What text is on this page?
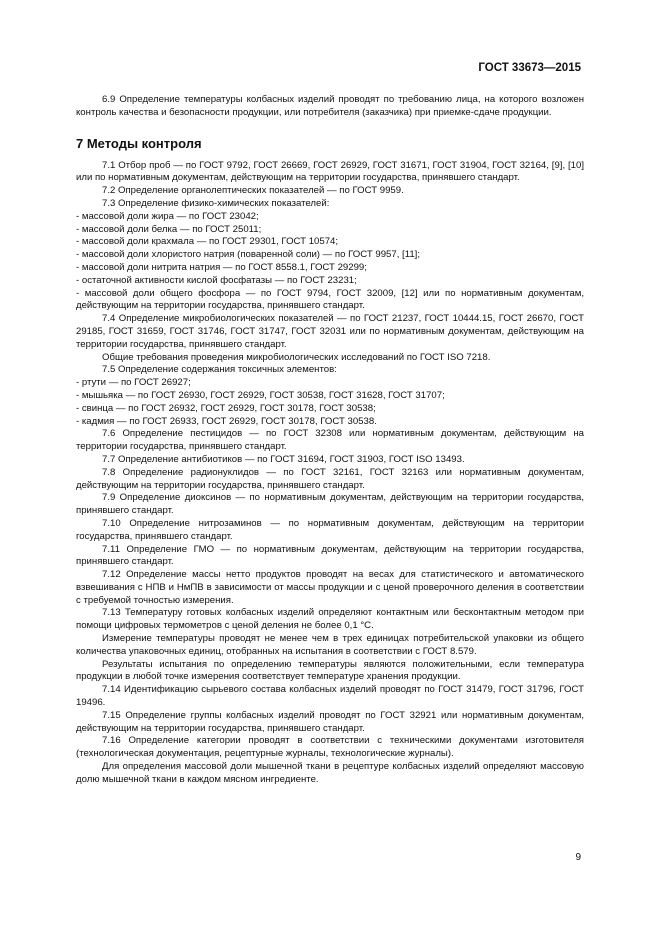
ГОСТ 33673—2015

6.9 Определение температуры колбасных изделий проводят по требованию лица, на которого возложен контроль качества и безопасности продукции, или потребителя (заказчика) при приемке-сдаче продукции.

7 Методы контроля

7.1 Отбор проб — по ГОСТ 9792, ГОСТ 26669, ГОСТ 26929, ГОСТ 31671, ГОСТ 31904, ГОСТ 32164, [9], [10] или по нормативным документам, действующим на территории государства, принявшего стандарт.

7.2 Определение органолептических показателей — по ГОСТ 9959.

7.3 Определение физико-химических показателей:

- массовой доли жира — по ГОСТ 23042;

- массовой доли белка — по ГОСТ 25011;

- массовой доли крахмала — по ГОСТ 29301, ГОСТ 10574;

- массовой доли хлористого натрия (поваренной соли) — по ГОСТ 9957, [11];

- массовой доли нитрита натрия — по ГОСТ 8558.1, ГОСТ 29299;

- остаточной активности кислой фосфатазы — по ГОСТ 23231;

- массовой доли общего фосфора — по ГОСТ 9794, ГОСТ 32009, [12] или по нормативным документам, действующим на территории государства, принявшего стандарт.

7.4 Определение микробиологических показателей — по ГОСТ 21237, ГОСТ 10444.15, ГОСТ 26670, ГОСТ 29185, ГОСТ 31659, ГОСТ 31746, ГОСТ 31747, ГОСТ 32031 или по нормативным документам, действующим на территории государства, принявшего стандарт.

Общие требования проведения микробиологических исследований по ГОСТ ISO 7218.

7.5 Определение содержания токсичных элементов:

- ртути — по ГОСТ 26927;

- мышьяка — по ГОСТ 26930, ГОСТ 26929, ГОСТ 30538, ГОСТ 31628, ГОСТ 31707;

- свинца — по ГОСТ 26932, ГОСТ 26929, ГОСТ 30178, ГОСТ 30538;

- кадмия — по ГОСТ 26933, ГОСТ 26929, ГОСТ 30178, ГОСТ 30538.

7.6 Определение пестицидов — по ГОСТ 32308 или нормативным документам, действующим на территории государства, принявшего стандарт.

7.7 Определение антибиотиков — по ГОСТ 31694, ГОСТ 31903, ГОСТ ISO 13493.

7.8 Определение радионуклидов — по ГОСТ 32161, ГОСТ 32163 или нормативным документам, действующим на территории государства, принявшего стандарт.

7.9 Определение диоксинов — по нормативным документам, действующим на территории государства, принявшего стандарт.

7.10 Определение нитрозаминов — по нормативным документам, действующим на территории государства, принявшего стандарт.

7.11 Определение ГМО — по нормативным документам, действующим на территории государства, принявшего стандарт.

7.12 Определение массы нетто продуктов проводят на весах для статистического и автоматического взвешивания с НПВ и НмПВ в зависимости от массы продукции и с ценой проверочного деления в соответствии с требуемой точностью измерения.

7.13 Температуру готовых колбасных изделий определяют контактным или бесконтактным методом при помощи цифровых термометров с ценой деления не более 0,1 °С.

Измерение температуры проводят не менее чем в трех единицах потребительской упаковки из общего количества упаковочных единиц, отобранных на испытания в соответствии с ГОСТ 8.579.

Результаты испытания по определению температуры являются положительными, если температура продукции в любой точке измерения соответствует температуре хранения продукции.

7.14 Идентификацию сырьевого состава колбасных изделий проводят по ГОСТ 31479, ГОСТ 31796, ГОСТ 19496.

7.15 Определение группы колбасных изделий проводят по ГОСТ 32921 или нормативным документам, действующим на территории государства, принявшего стандарт.

7.16 Определение категории проводят в соответствии с техническими документами изготовителя (технологическая документация, рецептурные журналы, технологические журналы).

Для определения массовой доли мышечной ткани в рецептуре колбасных изделий определяют массовую долю мышечной ткани в каждом мясном ингредиенте.

9
